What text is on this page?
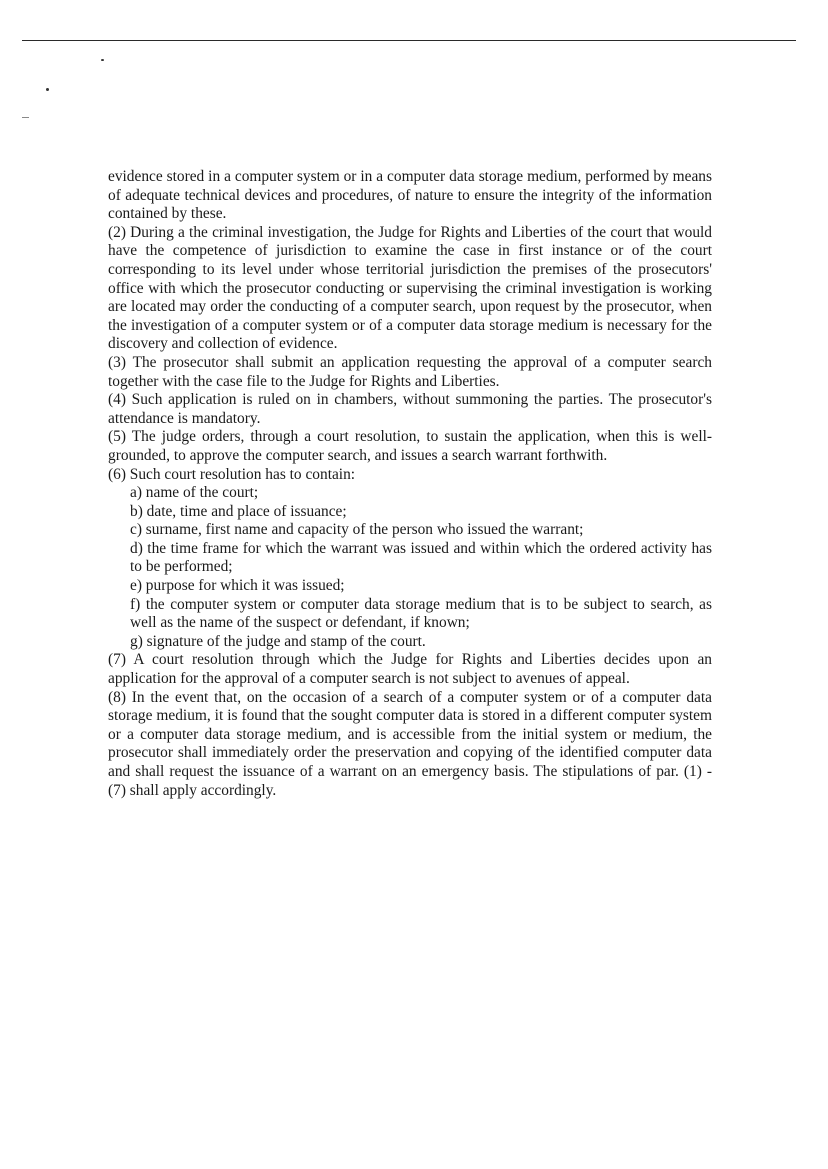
evidence stored in a computer system or in a computer data storage medium, performed by means of adequate technical devices and procedures, of nature to ensure the integrity of the information contained by these.

(2) During a the criminal investigation, the Judge for Rights and Liberties of the court that would have the competence of jurisdiction to examine the case in first instance or of the court corresponding to its level under whose territorial jurisdiction the premises of the prosecutors' office with which the prosecutor conducting or supervising the criminal investigation is working are located may order the conducting of a computer search, upon request by the prosecutor, when the investigation of a computer system or of a computer data storage medium is necessary for the discovery and collection of evidence.

(3) The prosecutor shall submit an application requesting the approval of a computer search together with the case file to the Judge for Rights and Liberties.

(4) Such application is ruled on in chambers, without summoning the parties. The prosecutor's attendance is mandatory.

(5) The judge orders, through a court resolution, to sustain the application, when this is well-grounded, to approve the computer search, and issues a search warrant forthwith.

(6) Such court resolution has to contain:

a) name of the court;
b) date, time and place of issuance;
c) surname, first name and capacity of the person who issued the warrant;
d) the time frame for which the warrant was issued and within which the ordered activity has to be performed;
e) purpose for which it was issued;
f) the computer system or computer data storage medium that is to be subject to search, as well as the name of the suspect or defendant, if known;
g) signature of the judge and stamp of the court.

(7) A court resolution through which the Judge for Rights and Liberties decides upon an application for the approval of a computer search is not subject to avenues of appeal.

(8) In the event that, on the occasion of a search of a computer system or of a computer data storage medium, it is found that the sought computer data is stored in a different computer system or a computer data storage medium, and is accessible from the initial system or medium, the prosecutor shall immediately order the preservation and copying of the identified computer data and shall request the issuance of a warrant on an emergency basis. The stipulations of par. (1) - (7) shall apply accordingly.
